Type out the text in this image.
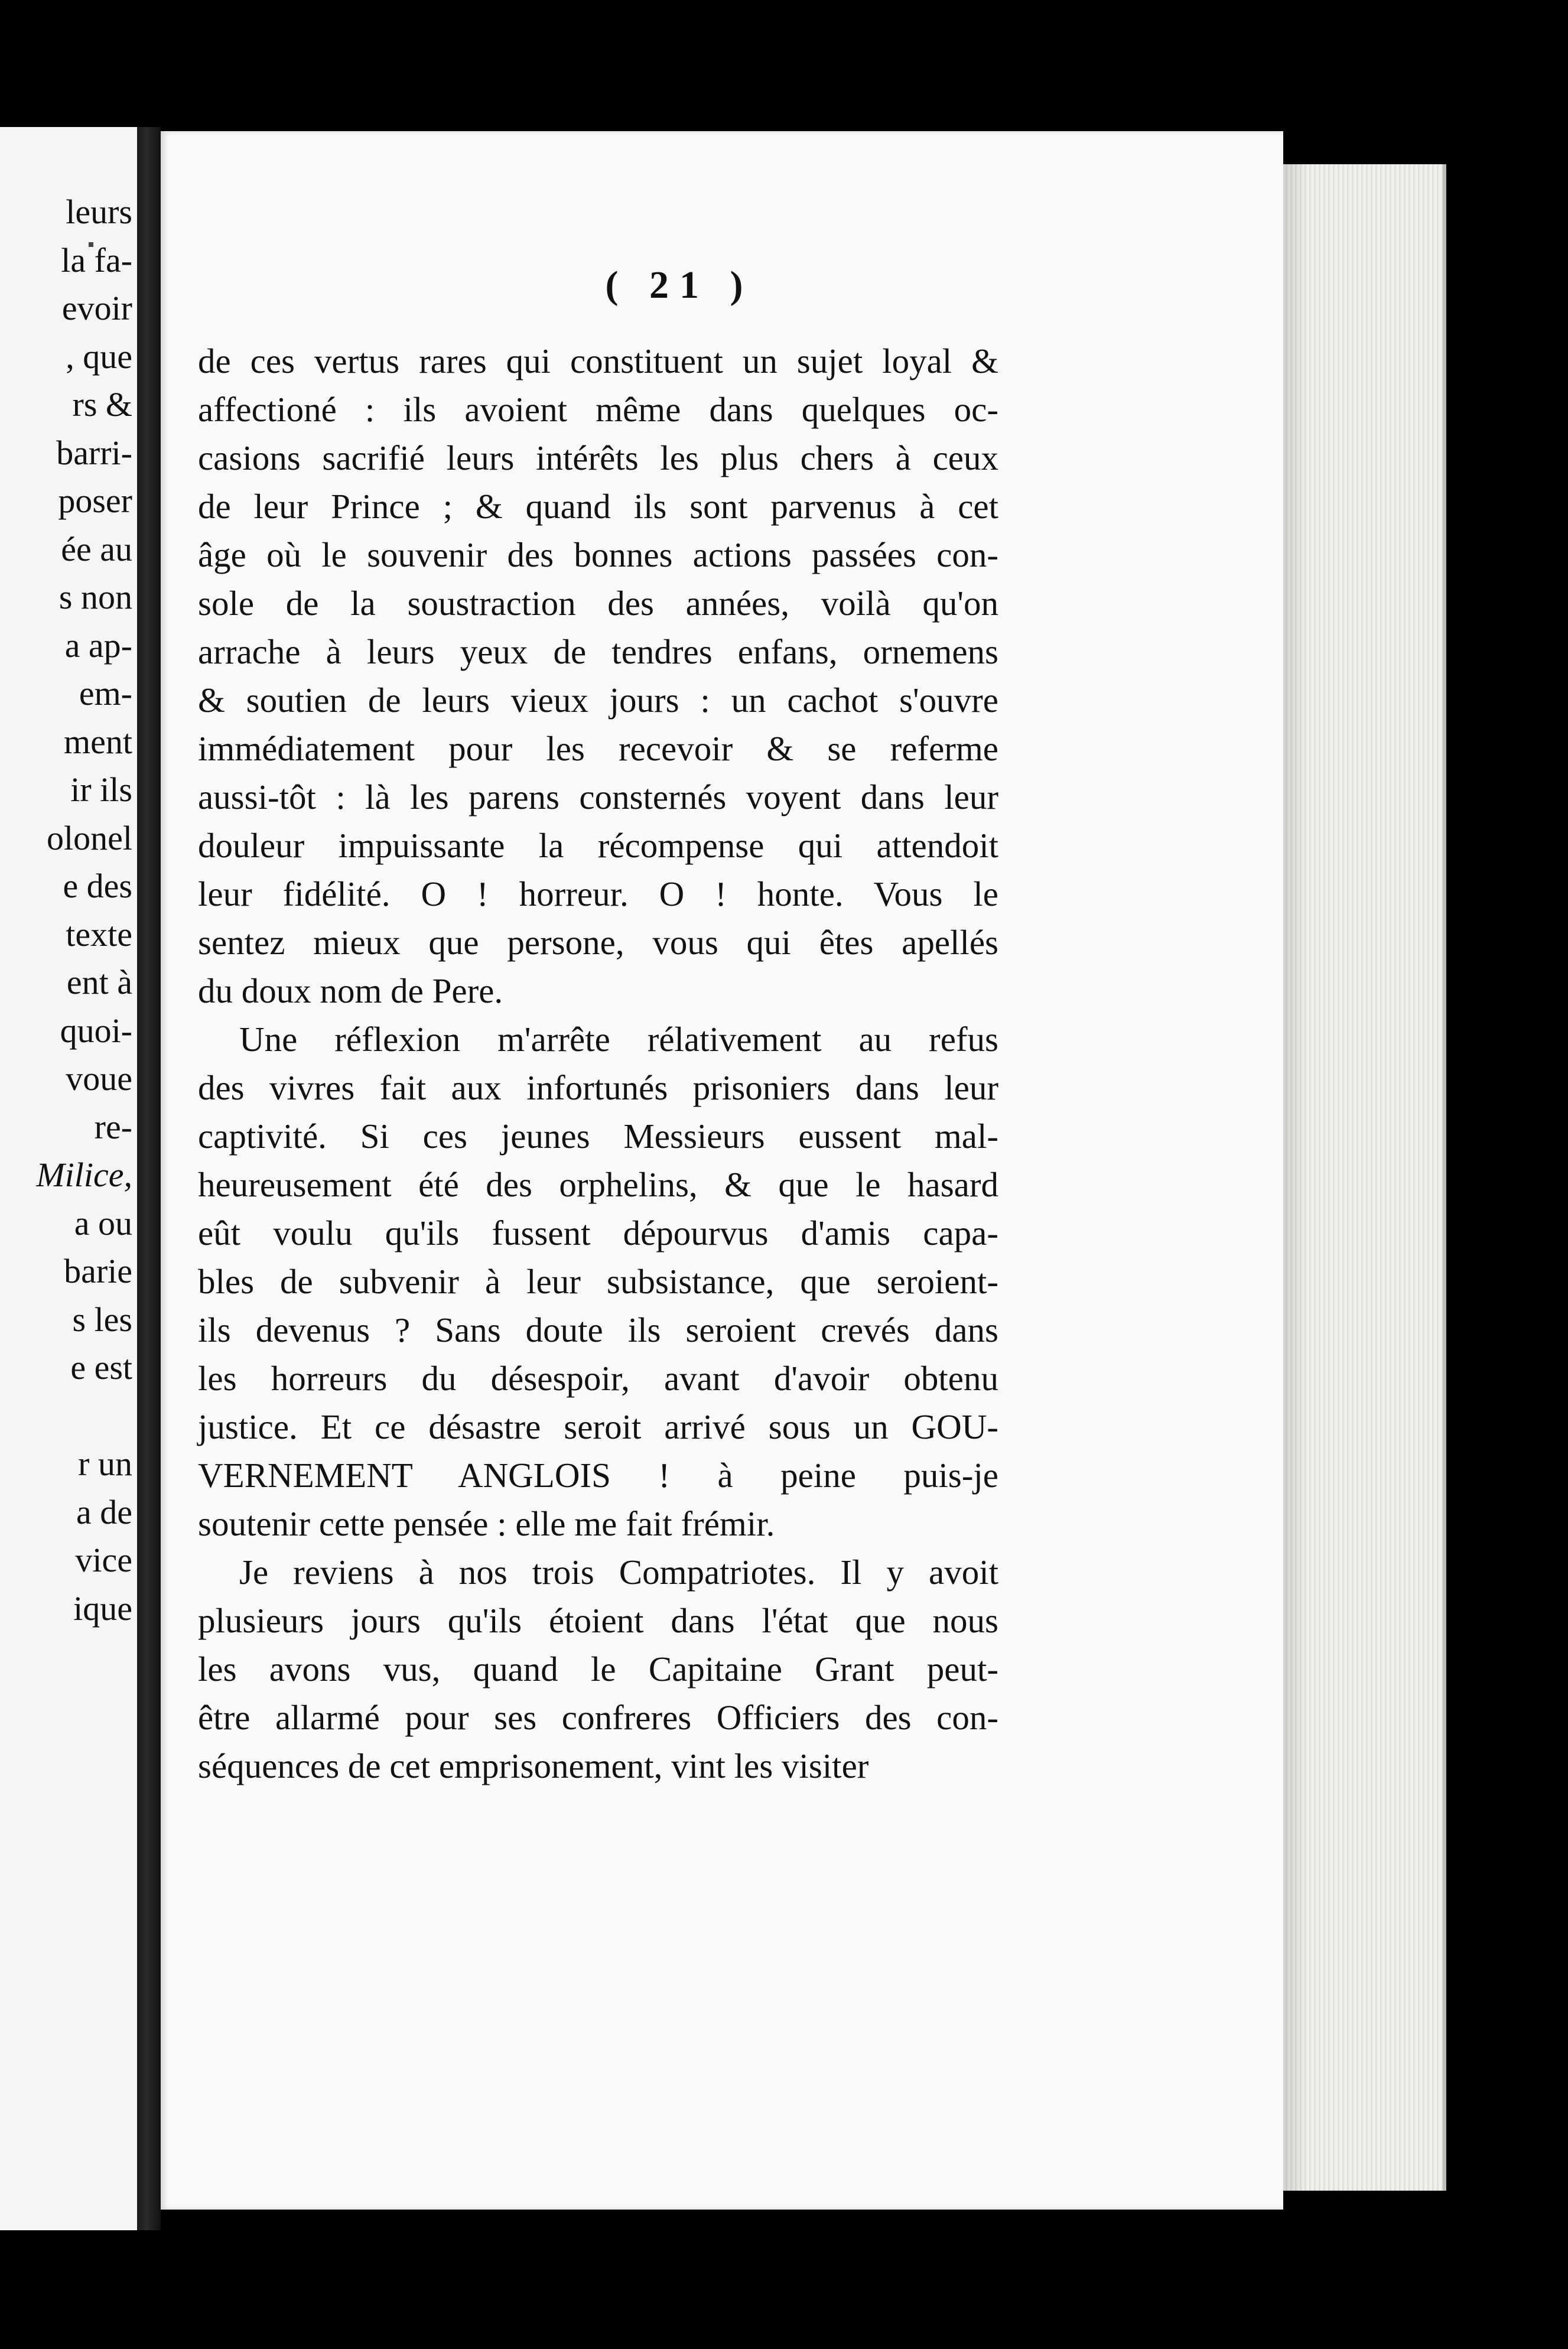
leurs
la fa-
evoir
, que
rs &
barri-
poser
ée au
s non
a ap-
em-
ment
ir ils
olonel
e des
texte
ent à
quoi-
voue
re-
Milice,
a ou
barie
s les
e est
r un
a de
vice
ique
( 21 )
de ces vertus rares qui constituent un sujet loyal &
affectioné : ils avoient même dans quelques oc-
casions sacrifié leurs intérêts les plus chers à ceux
de leur Prince ; & quand ils sont parvenus à cet
âge où le souvenir des bonnes actions passées con-
sole de la soustraction des années, voilà qu'on
arrache à leurs yeux de tendres enfans, ornemens
& soutien de leurs vieux jours : un cachot s'ouvre
immédiatement pour les recevoir & se referme
aussi-tôt : là les parens consternés voyent dans leur
douleur impuissante la récompense qui attendoit
leur fidélité. O ! horreur. O ! honte. Vous le
sentez mieux que persone, vous qui êtes apellés
du doux nom de Pere.
Une réflexion m'arrête rélativement au refus
des vivres fait aux infortunés prisoniers dans leur
captivité. Si ces jeunes Messieurs eussent mal-
heureusement été des orphelins, & que le hasard
eût voulu qu'ils fussent dépourvus d'amis capa-
bles de subvenir à leur subsistance, que seroient-
ils devenus ? Sans doute ils seroient crevés dans
les horreurs du désespoir, avant d'avoir obtenu
justice. Et ce désastre seroit arrivé sous un GOU-
VERNEMENT ANGLOIS ! à peine puis-je
soutenir cette pensée : elle me fait frémir.
Je reviens à nos trois Compatriotes. Il y avoit
plusieurs jours qu'ils étoient dans l'état que nous
les avons vus, quand le Capitaine Grant peut-
être allarmé pour ses confreres Officiers des con-
séquences de cet emprisonement, vint les visiter
